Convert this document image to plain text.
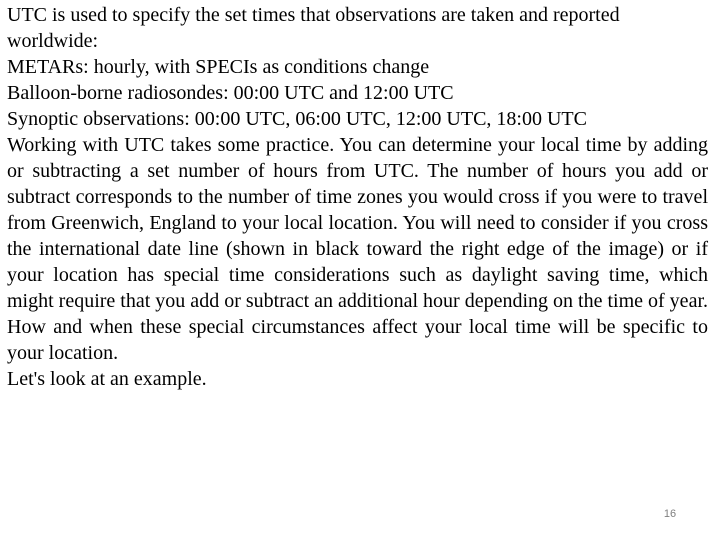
UTC is used to specify the set times that observations are taken and reported worldwide:

METARs: hourly, with SPECIs as conditions change

Balloon-borne radiosondes: 00:00 UTC and 12:00 UTC

Synoptic observations: 00:00 UTC, 06:00 UTC, 12:00 UTC, 18:00 UTC

Working with UTC takes some practice. You can determine your local time by adding or subtracting a set number of hours from UTC. The number of hours you add or subtract corresponds to the number of time zones you would cross if you were to travel from Greenwich, England to your local location. You will need to consider if you cross the international date line (shown in black toward the right edge of the image) or if your location has special time considerations such as daylight saving time, which might require that you add or subtract an additional hour depending on the time of year. How and when these special circumstances affect your local time will be specific to your location.

Let's look at an example.

16
